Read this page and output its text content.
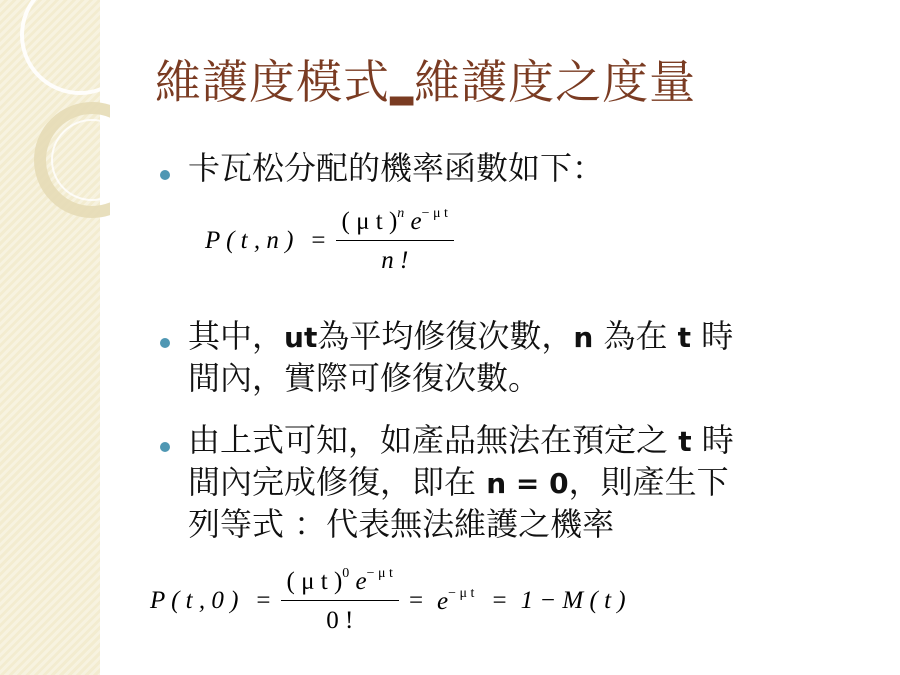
維護度模式▂維護度之度量
卡瓦松分配的機率函數如下：
P ( t , n ) = $\frac{( \mu t )^n e^{- \mu t}}{n !}$
其中，ut為平均修復次數，n 為在 t 時
間內，實際可修復次數。
由上式可知，如產品無法在預定之 t 時
間內完成修復，即在 n = 0，則產生下
列等式 ：代表無法維護之機率
P ( t , 0 ) = $\frac{( \mu t )^0 e^{- \mu t}}{0 !} = e^{- \mu t} = 1 - M$ ( t )
